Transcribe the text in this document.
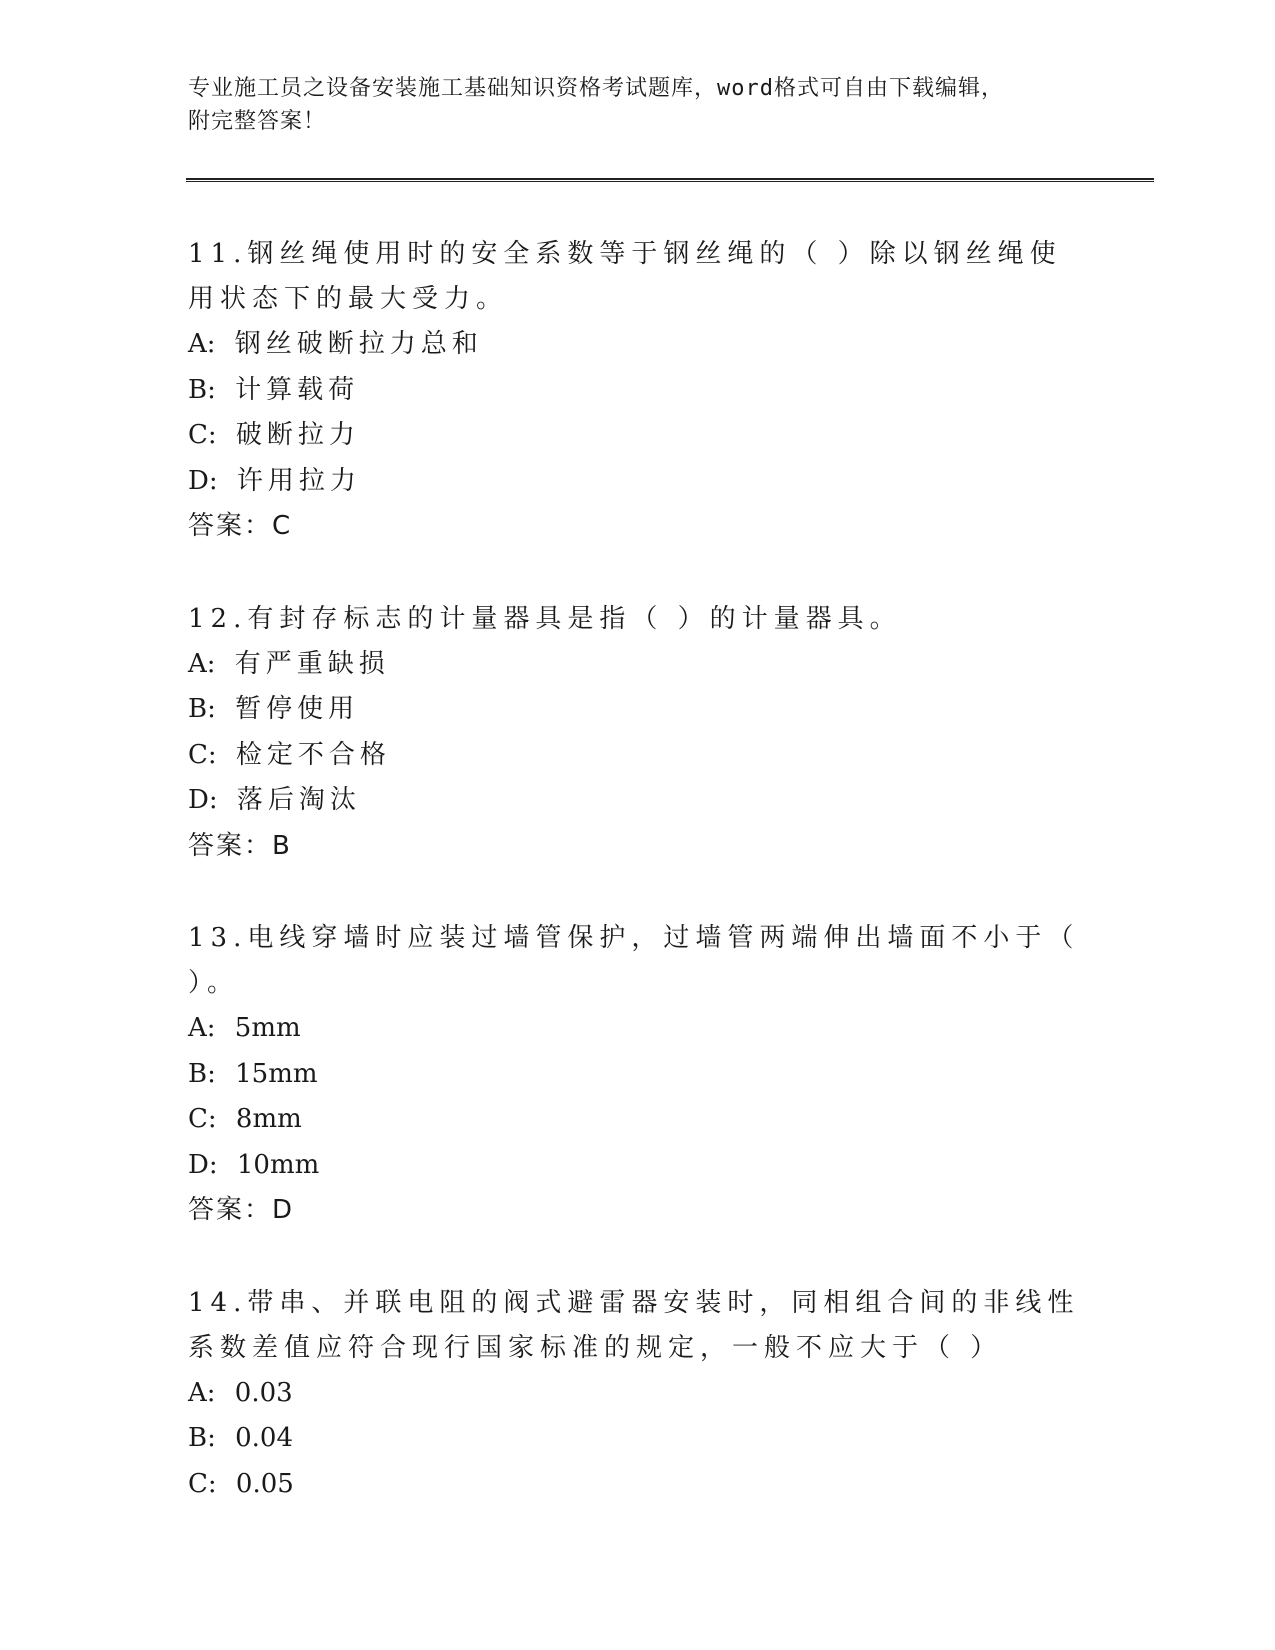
专业施工员之设备安装施工基础知识资格考试题库，word格式可自由下载编辑，
附完整答案！

11.钢丝绳使用时的安全系数等于钢丝绳的（ ）除以钢丝绳使用状态下的最大受力。

A: 钢丝破断拉力总和

B: 计算载荷

C: 破断拉力

D: 许用拉力

答案：C

12.有封存标志的计量器具是指（ ）的计量器具。

A: 有严重缺损

B: 暂停使用

C: 检定不合格

D: 落后淘汰

答案：B

13.电线穿墙时应装过墙管保护，过墙管两端伸出墙面不小于（ ）。

A: 5mm

B: 15mm

C: 8mm

D: 10mm

答案：D

14.带串、并联电阻的阀式避雷器安装时，同相组合间的非线性系数差值应符合现行国家标准的规定，一般不应大于（ ）

A: 0.03

B: 0.04

C: 0.05
